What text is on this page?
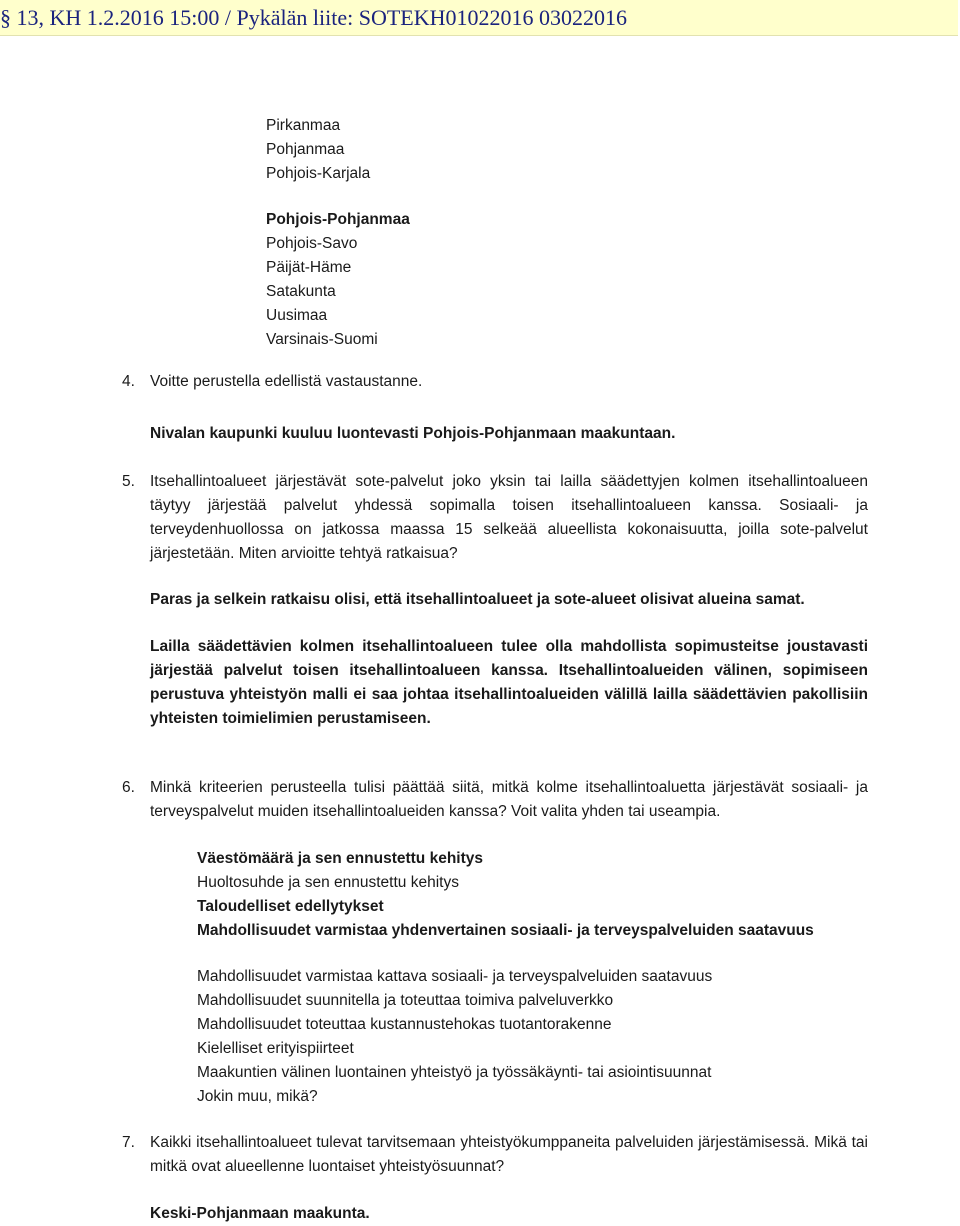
§ 13, KH 1.2.2016 15:00 / Pykälän liite: SOTEKH01022016 03022016
Pirkanmaa
Pohjanmaa
Pohjois-Karjala
Pohjois-Pohjanmaa
Pohjois-Savo
Päijät-Häme
Satakunta
Uusimaa
Varsinais-Suomi
4. Voitte perustella edellistä vastaustanne.
Nivalan kaupunki kuuluu luontevasti Pohjois-Pohjanmaan maakuntaan.
5. Itsehallintoalueet järjestävät sote-palvelut joko yksin tai lailla säädettyjen kolmen itsehallintoalueen täytyy järjestää palvelut yhdessä sopimalla toisen itsehallintoalueen kanssa. Sosiaali- ja terveydenhuollossa on jatkossa maassa 15 selkeää alueellista kokonaisuutta, joilla sote-palvelut järjestetään. Miten arvioitte tehtyä ratkaisua?
Paras ja selkein ratkaisu olisi, että itsehallintoalueet ja sote-alueet olisivat alueina samat.
Lailla säädettävien kolmen itsehallintoalueen tulee olla mahdollista sopimusteitse joustavasti järjestää palvelut toisen itsehallintoalueen kanssa. Itsehallintoalueiden välinen, sopimiseen perustuva yhteistyön malli ei saa johtaa itsehallintoalueiden välillä lailla säädettävien pakollisiin yhteisten toimielimien perustamiseen.
6. Minkä kriteerien perusteella tulisi päättää siitä, mitkä kolme itsehallintoaluetta järjestävät sosiaali- ja terveyspalvelut muiden itsehallintoalueiden kanssa? Voit valita yhden tai useampia.
Väestömäärä ja sen ennustettu kehitys
Huoltosuhde ja sen ennustettu kehitys
Taloudelliset edellytykset
Mahdollisuudet varmistaa yhdenvertainen sosiaali- ja terveyspalveluiden saatavuus
Mahdollisuudet varmistaa kattava sosiaali- ja terveyspalveluiden saatavuus
Mahdollisuudet suunnitella ja toteuttaa toimiva palveluverkko
Mahdollisuudet toteuttaa kustannustehokas tuotantorakenne
Kielelliset erityispiirteet
Maakuntien välinen luontainen yhteistyö ja työssäkäynti- tai asiointisuunnat
Jokin muu, mikä?
7. Kaikki itsehallintoalueet tulevat tarvitsemaan yhteistyökumppaneita palveluiden järjestämisessä. Mikä tai mitkä ovat alueellenne luontaiset yhteistyösuunnat?
Keski-Pohjanmaan maakunta.
